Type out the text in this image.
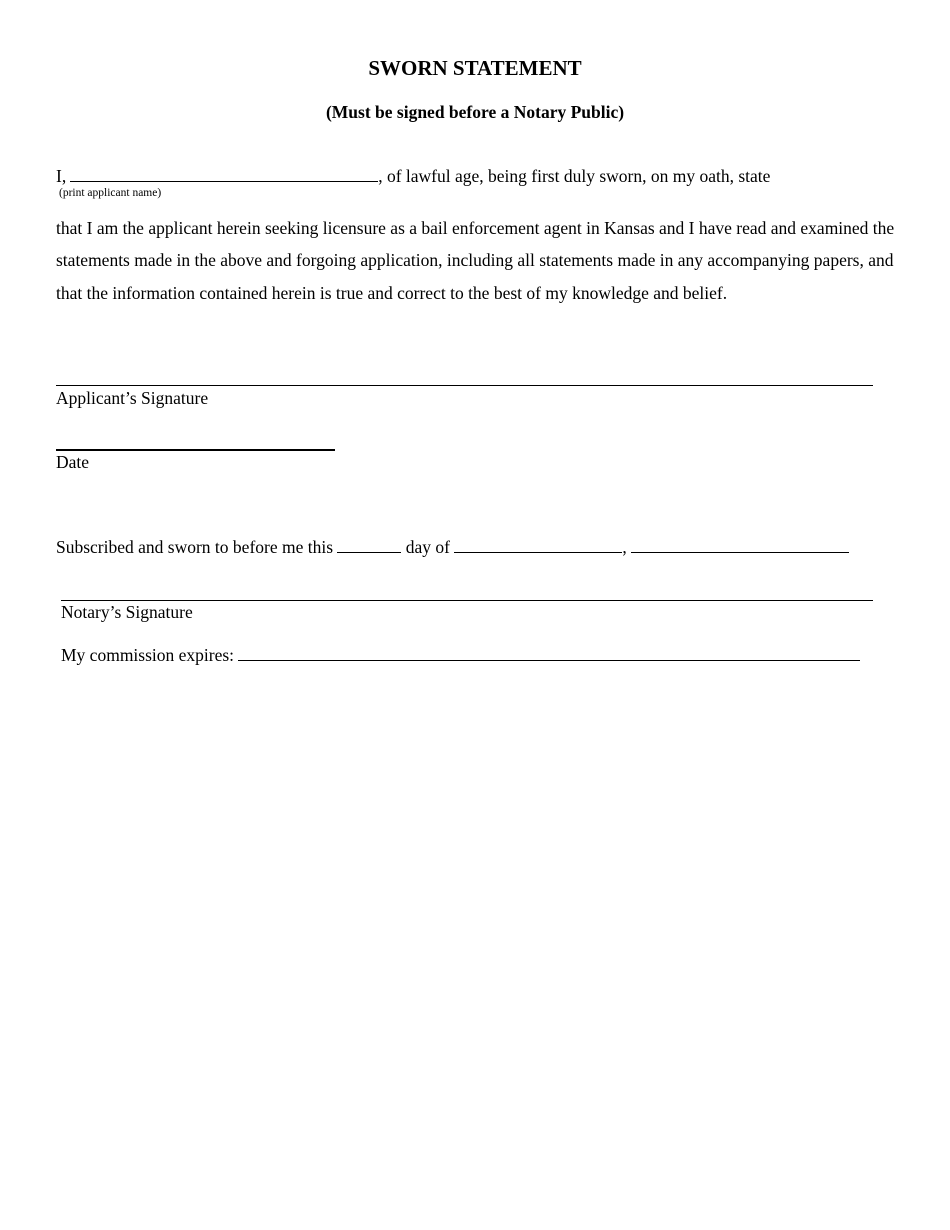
SWORN STATEMENT
(Must be signed before a Notary Public)
I,	, of lawful age, being first duly sworn, on my oath, state
(print applicant name)
that I am the applicant herein seeking licensure as a bail enforcement agent in Kansas and I have read and examined the statements made in the above and forgoing application, including all statements made in any accompanying papers, and that the information contained herein is true and correct to the best of my knowledge and belief.
Applicant’s Signature
Date
Subscribed and sworn to before me this	day of	,
Notary’s Signature
My commission expires:
